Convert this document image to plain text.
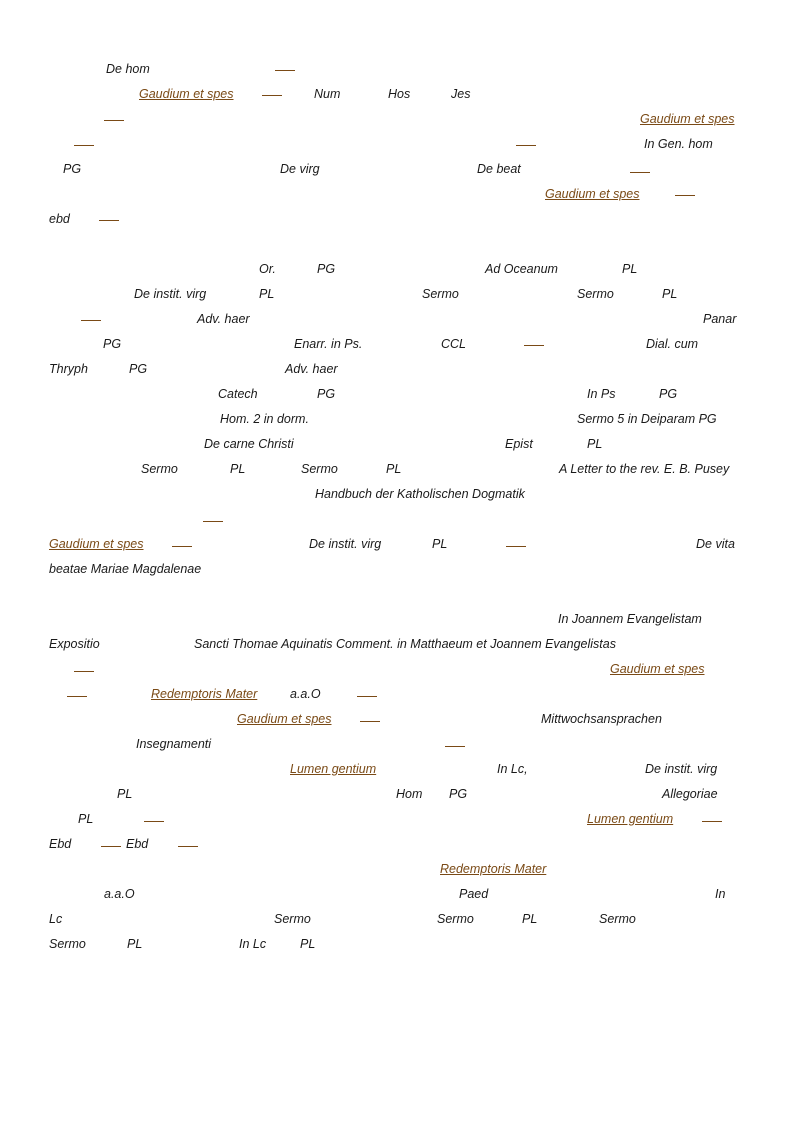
De hom
Gaudium et spes	Num	Hos	Jes
Gaudium et spes
In Gen. hom
PG	De virg	De beat
Gaudium et spes
ebd
Or.	PG	Ad Oceanum	PL
De instit. virg	PL	Sermo	Sermo	PL
Adv. haer	Panar
PG	Enarr. in Ps.	CCL	Dial. cum
Thryph	PG	Adv. haer
Catech	PG	In Ps	PG
Hom. 2 in dorm.	Sermo 5 in Deiparam PG
De carne Christi	Epist	PL
Sermo	PL	Sermo	PL	A Letter to the rev. E. B. Pusey
Handbuch der Katholischen Dogmatik
Gaudium et spes	De instit. virg	PL	De vita
beatae Mariae Magdalenae
In Joannem Evangelistam
Expositio	Sancti Thomae Aquinatis Comment. in Matthaeum et Joannem Evangelistas
Gaudium et spes
Redemptoris Mater	a.a.O
Gaudium et spes	Mittwochsansprachen
Insegnamenti
Lumen gentium	In Lc,	De instit. virg
PL	Hom PG	Allegoriae
PL	Lumen gentium
Ebd	Ebd
Redemptoris Mater
a.a.O	Paed	In
Lc	Sermo	Sermo	PL	Sermo
Sermo	PL	In Lc	PL
